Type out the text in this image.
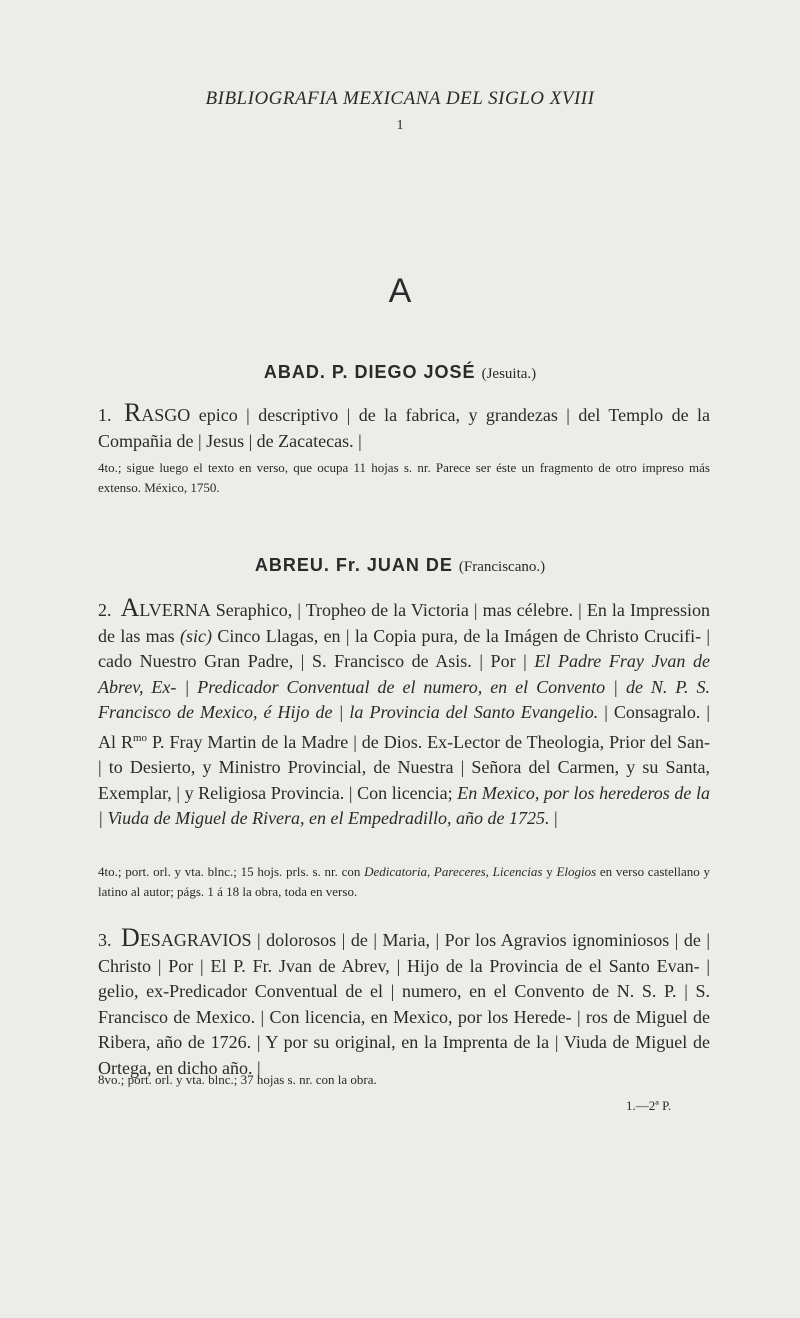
BIBLIOGRAFIA MEXICANA DEL SIGLO XVIII
1
A
ABAD. P. DIEGO JOSÉ (Jesuita.)
1. RASGO epico | descriptivo | de la fabrica, y grandezas | del Templo de la Compañia de | Jesus | de Zacatecas. |
4to.; sigue luego el texto en verso, que ocupa 11 hojas s. nr. Parece ser éste un fragmento de otro impreso más extenso. México, 1750.
ABREU. Fr. JUAN DE (Franciscano.)
2. ALVERNA Seraphico, | Tropheo de la Victoria | mas célebre. | En la Impression de las mas (sic) Cinco Llagas, en | la Copia pura, de la Imágen de Christo Crucifi- | cado Nuestro Gran Padre, | S. Francisco de Asis. | Por | El Padre Fray Jvan de Abrev, Ex- | Predicador Conventual de el numero, en el Convento | de N. P. S. Francisco de Mexico, é Hijo de | la Provincia del Santo Evangelio. | Consagralo. | Al $R^{mo}$ P. Fray Martin de la Madre | de Dios. Ex-Lector de Theologia, Prior del San- | to Desierto, y Ministro Provincial, de Nuestra | Señora del Carmen, y su Santa, Exemplar, | y Religiosa Provincia. | Con licencia; En Mexico, por los herederos de la | Viuda de Miguel de Rivera, en el Empedradillo, año de 1725. |
4to.; port. orl. y vta. blnc.; 15 hojs. prls. s. nr. con Dedicatoria, Pareceres, Licencias y Elogios en verso castellano y latino al autor; págs. 1 á 18 la obra, toda en verso.
3. DESAGRAVIOS | dolorosos | de | Maria, | Por los Agravios ignominiosos | de | Christo | Por | El P. Fr. Jvan de Abrev, | Hijo de la Provincia de el Santo Evan- | gelio, ex-Predicador Conventual de el | numero, en el Convento de N. S. P. | S. Francisco de Mexico. | Con licencia, en Mexico, por los Herede- | ros de Miguel de Ribera, año de 1726. | Y por su original, en la Imprenta de la | Viuda de Miguel de Ortega, en dicho año. |
8vo.; port. orl. y vta. blnc.; 37 hojas s. nr. con la obra.
1.—2ª P.
